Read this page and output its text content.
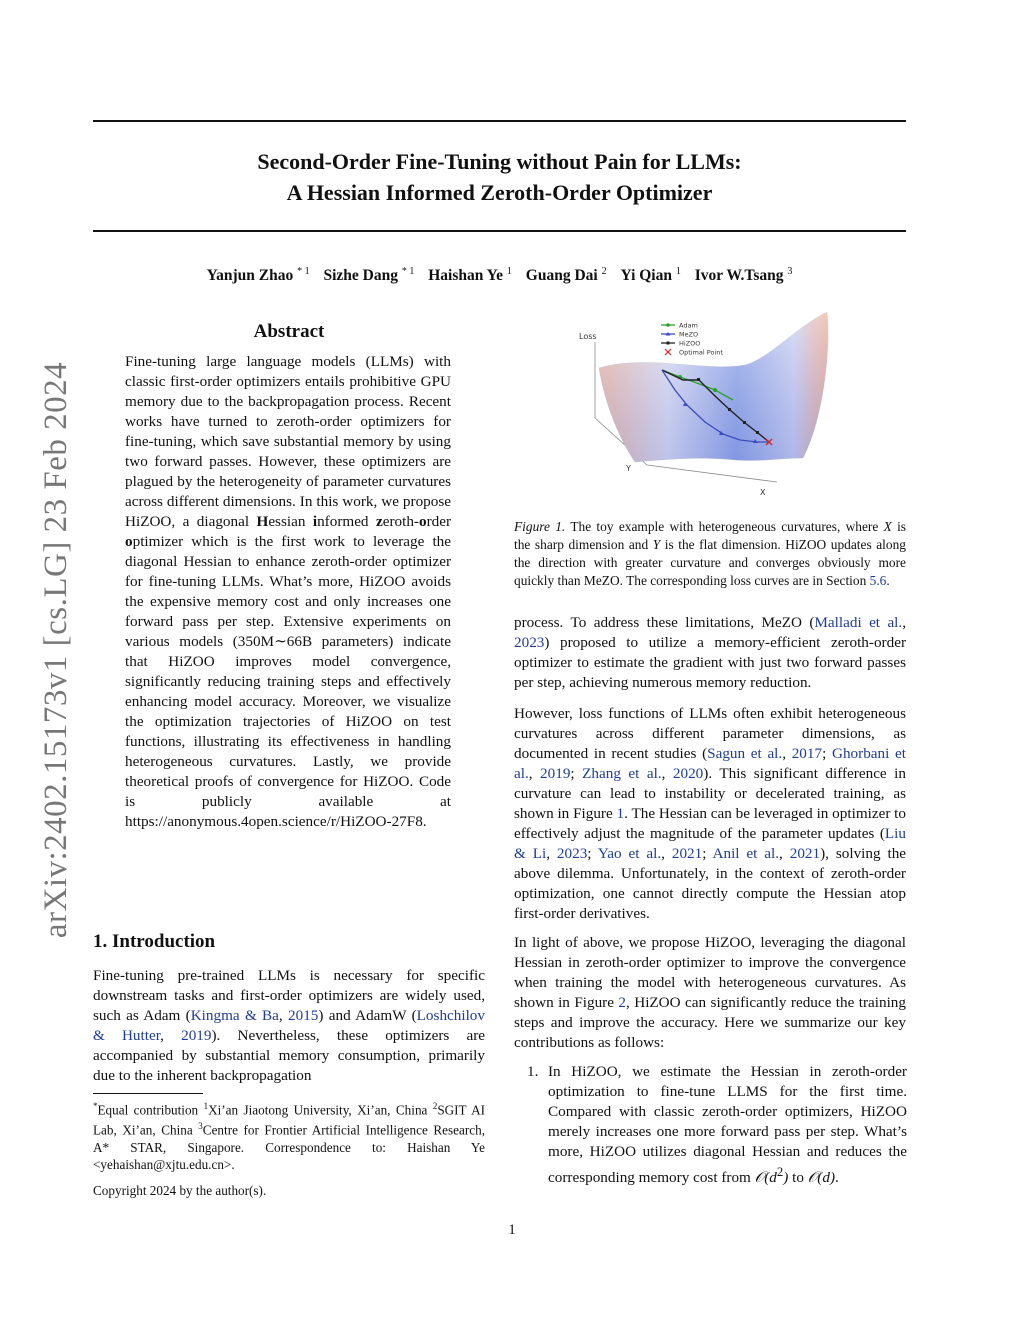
Second-Order Fine-Tuning without Pain for LLMs:
A Hessian Informed Zeroth-Order Optimizer
Yanjun Zhao $^{* 1}$ Sizhe Dang $^{* 1}$ Haishan Ye $^1$ Guang Dai $^2$ Yi Qian $^1$ Ivor W.Tsang $^3$
arXiv:2402.15173v1 [cs.LG] 23 Feb 2024
Abstract
Fine-tuning large language models (LLMs) with classic first-order optimizers entails prohibitive GPU memory due to the backpropagation process. Recent works have turned to zeroth-order optimizers for fine-tuning, which save substantial memory by using two forward passes. However, these optimizers are plagued by the heterogeneity of parameter curvatures across different dimensions. In this work, we propose HiZOO, a diagonal Hessian informed zeroth-order optimizer which is the first work to leverage the diagonal Hessian to enhance zeroth-order optimizer for fine-tuning LLMs. What’s more, HiZOO avoids the expensive memory cost and only increases one forward pass per step. Extensive experiments on various models (350M∼66B parameters) indicate that HiZOO improves model convergence, significantly reducing training steps and effectively enhancing model accuracy. Moreover, we visualize the optimization trajectories of HiZOO on test functions, illustrating its effectiveness in handling heterogeneous curvatures. Lastly, we provide theoretical proofs of convergence for HiZOO. Code is publicly available at https://anonymous.4open.science/r/HiZOO-27F8.
1. Introduction
Fine-tuning pre-trained LLMs is necessary for specific downstream tasks and first-order optimizers are widely used, such as Adam (Kingma & Ba, 2015) and AdamW (Loshchilov & Hutter, 2019). Nevertheless, these optimizers are accompanied by substantial memory consumption, primarily due to the inherent backpropagation
*Equal contribution $^1$Xi’an Jiaotong University, Xi’an, China $^2$SGIT AI Lab, Xi’an, China $^3$Centre for Frontier Artificial Intelligence Research, A* STAR, Singapore. Correspondence to: Haishan Ye <yehaishan@xjtu.edu.cn>.
Copyright 2024 by the author(s).
Loss
Y
X
Adam
MeZO
HiZOO
Optimal Point
Figure 1. The toy example with heterogeneous curvatures, where X is the sharp dimension and Y is the flat dimension. HiZOO updates along the direction with greater curvature and converges obviously more quickly than MeZO. The corresponding loss curves are in Section 5.6.
process. To address these limitations, MeZO (Malladi et al., 2023) proposed to utilize a memory-efficient zeroth-order optimizer to estimate the gradient with just two forward passes per step, achieving numerous memory reduction.
However, loss functions of LLMs often exhibit heterogeneous curvatures across different parameter dimensions, as documented in recent studies (Sagun et al., 2017; Ghorbani et al., 2019; Zhang et al., 2020). This significant difference in curvature can lead to instability or decelerated training, as shown in Figure 1. The Hessian can be leveraged in optimizer to effectively adjust the magnitude of the parameter updates (Liu & Li, 2023; Yao et al., 2021; Anil et al., 2021), solving the above dilemma. Unfortunately, in the context of zeroth-order optimization, one cannot directly compute the Hessian atop first-order derivatives.
In light of above, we propose HiZOO, leveraging the diagonal Hessian in zeroth-order optimizer to improve the convergence when training the model with heterogeneous curvatures. As shown in Figure 2, HiZOO can significantly reduce the training steps and improve the accuracy. Here we summarize our key contributions as follows:
1. In HiZOO, we estimate the Hessian in zeroth-order optimization to fine-tune LLMS for the first time. Compared with classic zeroth-order optimizers, HiZOO merely increases one more forward pass per step. What’s more, HiZOO utilizes diagonal Hessian and reduces the corresponding memory cost from $𝒪(d^2)$ to 𝒪(d).
1
